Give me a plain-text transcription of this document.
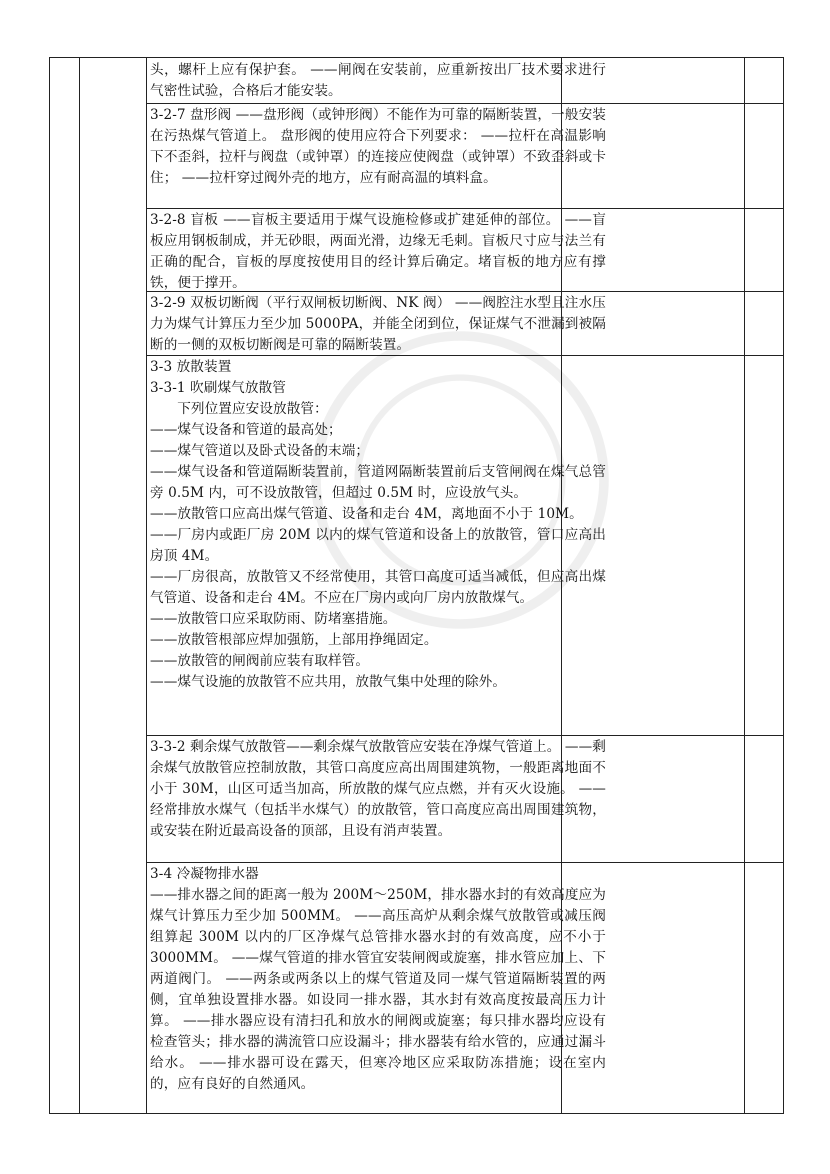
头，螺杆上应有保护套。 ——闸阀在安装前，应重新按出厂技术要求进行气密性试验，合格后才能安装。

3-2-7 盘形阀 ——盘形阀（或钟形阀）不能作为可靠的隔断装置，一般安装在污热煤气管道上。 盘形阀的使用应符合下列要求： ——拉杆在高温影响下不歪斜，拉杆与阀盘（或钟罩）的连接应使阀盘（或钟罩）不致歪斜或卡住； ——拉杆穿过阀外壳的地方，应有耐高温的填料盒。

3-2-8 盲板 ——盲板主要适用于煤气设施检修或扩建延伸的部位。 ——盲板应用钢板制成，并无砂眼，两面光滑，边缘无毛刺。盲板尺寸应与法兰有正确的配合，盲板的厚度按使用目的经计算后确定。堵盲板的地方应有撑铁，便于撑开。

3-2-9 双板切断阀（平行双闸板切断阀、NK 阀） ——阀腔注水型且注水压力为煤气计算压力至少加 5000PA，并能全闭到位，保证煤气不泄漏到被隔断的一侧的双板切断阀是可靠的隔断装置。

3-3 放散装置

3-3-1 吹刷煤气放散管

下列位置应安设放散管：

——煤气设备和管道的最高处；

——煤气管道以及卧式设备的末端；

——煤气设备和管道隔断装置前，管道网隔断装置前后支管闸阀在煤气总管旁 0.5M 内，可不设放散管，但超过 0.5M 时，应设放气头。

——放散管口应高出煤气管道、设备和走台 4M，离地面不小于 10M。

——厂房内或距厂房 20M 以内的煤气管道和设备上的放散管，管口应高出房顶 4M。

——厂房很高，放散管又不经常使用，其管口高度可适当减低，但应高出煤气管道、设备和走台 4M。不应在厂房内或向厂房内放散煤气。

——放散管口应采取防雨、防堵塞措施。

——放散管根部应焊加强筋，上部用挣绳固定。

——放散管的闸阀前应装有取样管。

——煤气设施的放散管不应共用，放散气集中处理的除外。

3-3-2 剩余煤气放散管——剩余煤气放散管应安装在净煤气管道上。 ——剩余煤气放散管应控制放散，其管口高度应高出周围建筑物，一般距离地面不小于 30M，山区可适当加高，所放散的煤气应点燃，并有灭火设施。 ——经常排放水煤气（包括半水煤气）的放散管，管口高度应高出周围建筑物，或安装在附近最高设备的顶部，且设有消声装置。

3-4 冷凝物排水器

——排水器之间的距离一般为 200M～250M，排水器水封的有效高度应为煤气计算压力至少加 500MM。 ——高压高炉从剩余煤气放散管或减压阀组算起 300M 以内的厂区净煤气总管排水器水封的有效高度，应不小于 3000MM。 ——煤气管道的排水管宜安装闸阀或旋塞，排水管应加上、下两道阀门。 ——两条或两条以上的煤气管道及同一煤气管道隔断装置的两侧，宜单独设置排水器。如设同一排水器，其水封有效高度按最高压力计算。 ——排水器应设有清扫孔和放水的闸阀或旋塞；每只排水器均应设有检查管头；排水器的满流管口应设漏斗；排水器装有给水管的，应通过漏斗给水。 ——排水器可设在露天，但寒冷地区应采取防冻措施；设在室内的，应有良好的自然通风。
